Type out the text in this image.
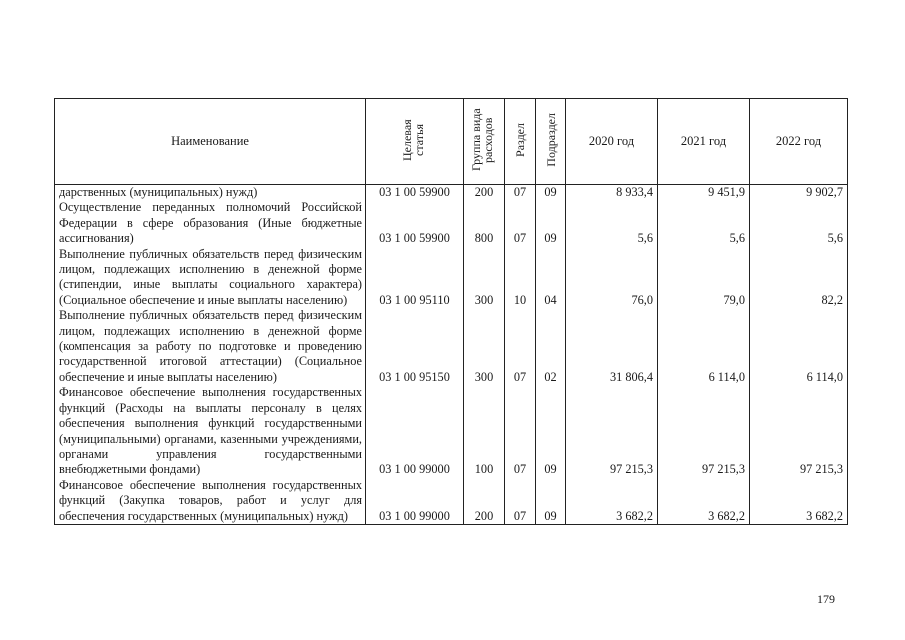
Наименование	Целевая статья	Группа вида расходов	Раздел	Подраздел	2020 год	2021 год	2022 год
дарственных (муниципальных) нужд)	03 1 00 59900	200	07	09	8 933,4	9 451,9	9 902,7
Осуществление переданных полномочий Российской Федерации в сфере образования (Иные бюджетные ассигнования)	03 1 00 59900	800	07	09	5,6	5,6	5,6
Выполнение публичных обязательств перед физическим лицом, подлежащих исполнению в денежной форме (стипендии, иные выплаты социального характера) (Социальное обеспечение и иные выплаты населению)	03 1 00 95110	300	10	04	76,0	79,0	82,2
Выполнение публичных обязательств перед физическим лицом, подлежащих исполнению в денежной форме (компенсация за работу по подготовке и проведению государственной итоговой аттестации) (Социальное обеспечение и иные выплаты населению)	03 1 00 95150	300	07	02	31 806,4	6 114,0	6 114,0
Финансовое обеспечение выполнения государственных функций (Расходы на выплаты персоналу в целях обеспечения выполнения функций государственными (муниципальными) органами, казенными учреждениями, органами управления государственными внебюджетными фондами)	03 1 00 99000	100	07	09	97 215,3	97 215,3	97 215,3
Финансовое обеспечение выполнения государственных функций (Закупка товаров, работ и услуг для обеспечения государственных (муниципальных) нужд)	03 1 00 99000	200	07	09	3 682,2	3 682,2	3 682,2
179
